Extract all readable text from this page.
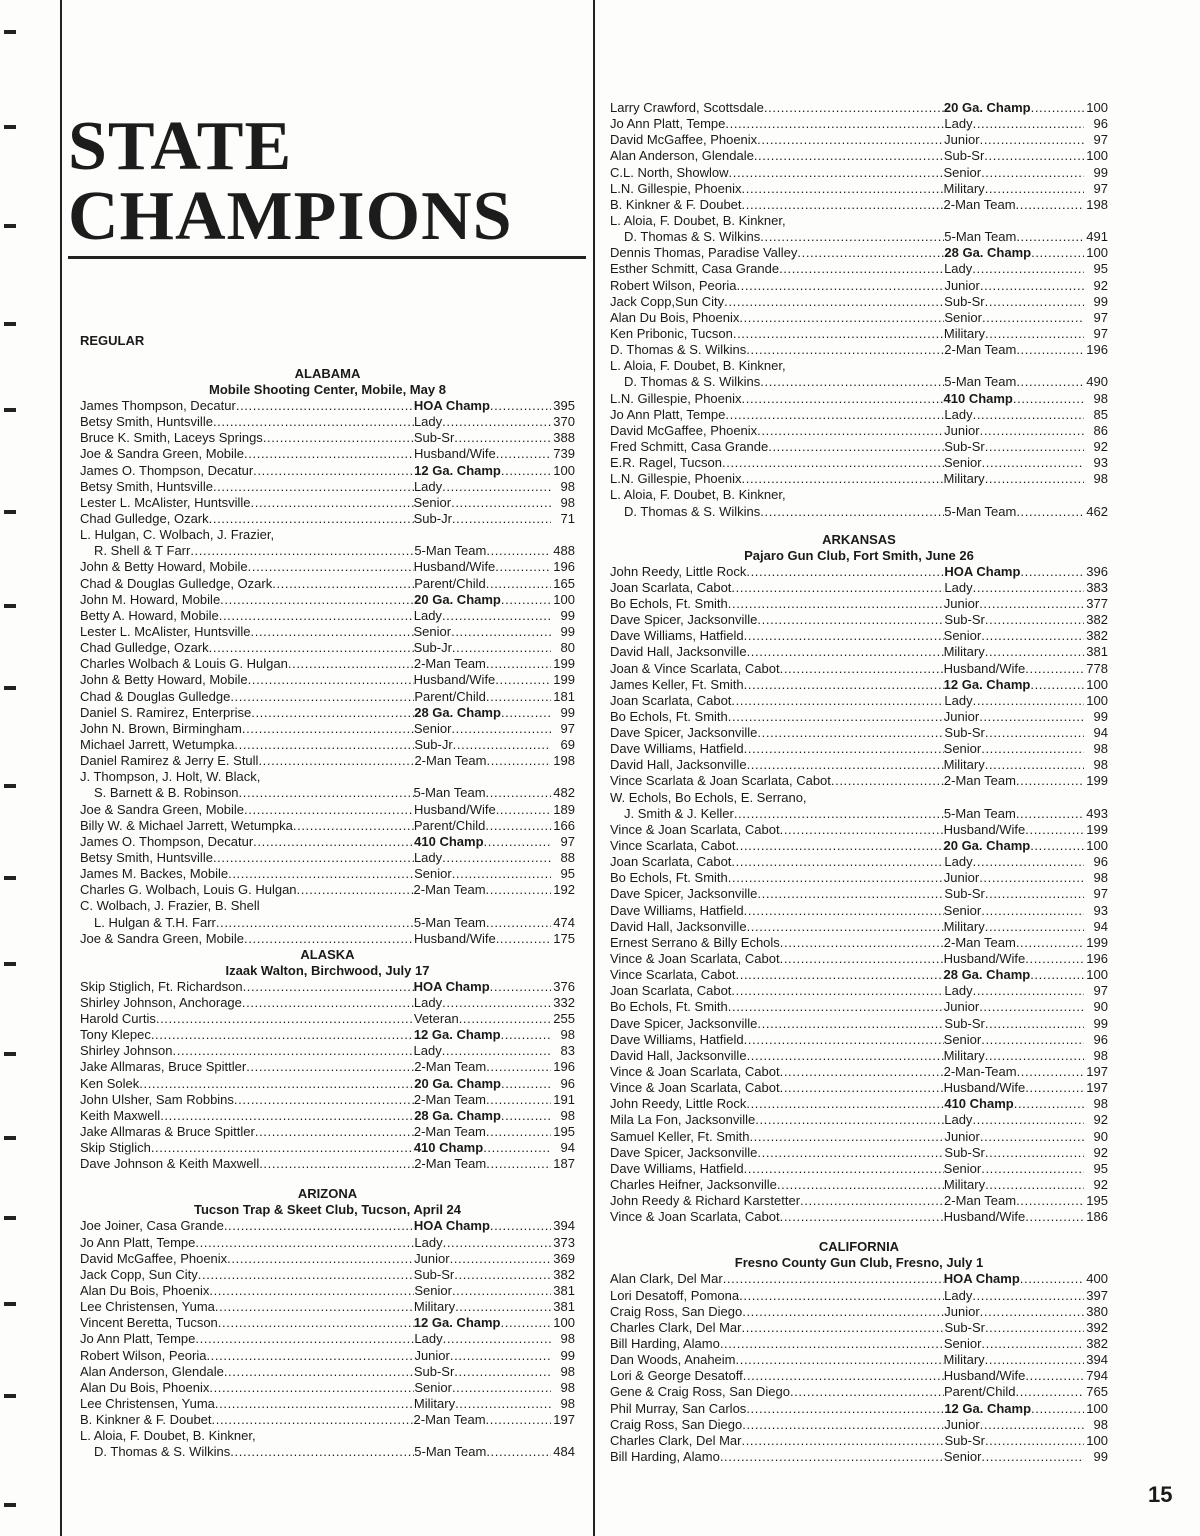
STATE
CHAMPIONS
REGULAR
ALABAMA
Mobile Shooting Center, Mobile, May 8
James Thompson, Decatur . . .	HOA Champ . . .	395
Betsy Smith, Huntsville . . .	Lady . . .	370
Bruce K. Smith, Laceys Springs . . .	Sub-Sr . . .	388
Joe & Sandra Green, Mobile . . .	Husband/Wife . . .	739
James O. Thompson, Decatur . . .	12 Ga. Champ . . .	100
Betsy Smith, Huntsville . . .	Lady . . .	98
Lester L. McAlister, Huntsville . . .	Senior . . .	98
Chad Gulledge, Ozark . . .	Sub-Jr . . .	71
L. Hulgan, C. Wolbach, J. Frazier,
R. Shell & T Farr . . .	5-Man Team . . .	488
John & Betty Howard, Mobile . . .	Husband/Wife . . .	196
Chad & Douglas Gulledge, Ozark . . .	Parent/Child . . .	165
John M. Howard, Mobile . . .	20 Ga. Champ . . .	100
Betty A. Howard, Mobile . . .	Lady . . .	99
Lester L. McAlister, Huntsville . . .	Senior . . .	99
Chad Gulledge, Ozark . . .	Sub-Jr . . .	80
Charles Wolbach & Louis G. Hulgan . . .	2-Man Team . . .	199
John & Betty Howard, Mobile . . .	Husband/Wife . . .	199
Chad & Douglas Gulledge . . .	Parent/Child . . .	181
Daniel S. Ramirez, Enterprise . . .	28 Ga. Champ . . .	99
John N. Brown, Birmingham . . .	Senior . . .	97
Michael Jarrett, Wetumpka . . .	Sub-Jr . . .	69
Daniel Ramirez & Jerry E. Stull . . .	2-Man Team . . .	198
J. Thompson, J. Holt, W. Black,
S. Barnett & B. Robinson . . .	5-Man Team . . .	482
Joe & Sandra Green, Mobile . . .	Husband/Wife . . .	189
Billy W. & Michael Jarrett, Wetumpka . . .	Parent/Child . . .	166
James O. Thompson, Decatur . . .	410 Champ . . .	97
Betsy Smith, Huntsville . . .	Lady . . .	88
James M. Backes, Mobile . . .	Senior . . .	95
Charles G. Wolbach, Louis G. Hulgan . . .	2-Man Team . . .	192
C. Wolbach, J. Frazier, B. Shell
L. Hulgan & T.H. Farr . . .	5-Man Team . . .	474
Joe & Sandra Green, Mobile . . .	Husband/Wife . . .	175
ALASKA
Izaak Walton, Birchwood, July 17
Skip Stiglich, Ft. Richardson . . .	HOA Champ . . .	376
Shirley Johnson, Anchorage . . .	Lady . . .	332
Harold Curtis . . .	Veteran . . .	255
Tony Klepec . . .	12 Ga. Champ . . .	98
Shirley Johnson . . .	Lady . . .	83
Jake Allmaras, Bruce Spittler . . .	2-Man Team . . .	196
Ken Solek . . .	20 Ga. Champ . . .	96
John Ulsher, Sam Robbins . . .	2-Man Team . . .	191
Keith Maxwell . . .	28 Ga. Champ . . .	98
Jake Allmaras & Bruce Spittler . . .	2-Man Team . . .	195
Skip Stiglich . . .	410 Champ . . .	94
Dave Johnson & Keith Maxwell . . .	2-Man Team . . .	187
ARIZONA
Tucson Trap & Skeet Club, Tucson, April 24
Joe Joiner, Casa Grande . . .	HOA Champ . . .	394
Jo Ann Platt, Tempe . . .	Lady . . .	373
David McGaffee, Phoenix . . .	Junior . . .	369
Jack Copp, Sun City . . .	Sub-Sr . . .	382
Alan Du Bois, Phoenix . . .	Senior . . .	381
Lee Christensen, Yuma . . .	Military . . .	381
Vincent Beretta, Tucson . . .	12 Ga. Champ . . .	100
Jo Ann Platt, Tempe . . .	Lady . . .	98
Robert Wilson, Peoria . . .	Junior . . .	99
Alan Anderson, Glendale . . .	Sub-Sr . . .	98
Alan Du Bois, Phoenix . . .	Senior . . .	98
Lee Christensen, Yuma . . .	Military . . .	98
B. Kinkner & F. Doubet . . .	2-Man Team . . .	197
L. Aloia, F. Doubet, B. Kinkner,
D. Thomas & S. Wilkins . . .	5-Man Team . . .	484
Larry Crawford, Scottsdale . . .	20 Ga. Champ . . .	100
Jo Ann Platt, Tempe . . .	Lady . . .	96
David McGaffee, Phoenix . . .	Junior . . .	97
Alan Anderson, Glendale . . .	Sub-Sr . . .	100
C.L. North, Showlow . . .	Senior . . .	99
L.N. Gillespie, Phoenix . . .	Military . . .	97
B. Kinkner & F. Doubet . . .	2-Man Team . . .	198
L. Aloia, F. Doubet, B. Kinkner,
D. Thomas & S. Wilkins . . .	5-Man Team . . .	491
Dennis Thomas, Paradise Valley . . .	28 Ga. Champ . . .	100
Esther Schmitt, Casa Grande . . .	Lady . . .	95
Robert Wilson, Peoria . . .	Junior . . .	92
Jack Copp,Sun City . . .	Sub-Sr . . .	99
Alan Du Bois, Phoenix . . .	Senior . . .	97
Ken Pribonic, Tucson . . .	Military . . .	97
D. Thomas & S. Wilkins . . .	2-Man Team . . .	196
L. Aloia, F. Doubet, B. Kinkner,
D. Thomas & S. Wilkins . . .	5-Man Team . . .	490
L.N. Gillespie, Phoenix . . .	410 Champ . . .	98
Jo Ann Platt, Tempe . . .	Lady . . .	85
David McGaffee, Phoenix . . .	Junior . . .	86
Fred Schmitt, Casa Grande . . .	Sub-Sr . . .	92
E.R. Ragel, Tucson . . .	Senior . . .	93
L.N. Gillespie, Phoenix . . .	Military . . .	98
L. Aloia, F. Doubet, B. Kinkner,
D. Thomas & S. Wilkins . . .	5-Man Team . . .	462
ARKANSAS
Pajaro Gun Club, Fort Smith, June 26
John Reedy, Little Rock . . .	HOA Champ . . .	396
Joan Scarlata, Cabot . . .	Lady . . .	383
Bo Echols, Ft. Smith . . .	Junior . . .	377
Dave Spicer, Jacksonville . . .	Sub-Sr . . .	382
Dave Williams, Hatfield . . .	Senior . . .	382
David Hall, Jacksonville . . .	Military . . .	381
Joan & Vince Scarlata, Cabot . . .	Husband/Wife . . .	778
James Keller, Ft. Smith . . .	12 Ga. Champ . . .	100
Joan Scarlata, Cabot . . .	Lady . . .	100
Bo Echols, Ft. Smith . . .	Junior . . .	99
Dave Spicer, Jacksonville . . .	Sub-Sr . . .	94
Dave Williams, Hatfield . . .	Senior . . .	98
David Hall, Jacksonville . . .	Military . . .	98
Vince Scarlata & Joan Scarlata, Cabot . . .	2-Man Team . . .	199
W. Echols, Bo Echols, E. Serrano,
J. Smith & J. Keller . . .	5-Man Team . . .	493
Vince & Joan Scarlata, Cabot . . .	Husband/Wife . . .	199
Vince Scarlata, Cabot . . .	20 Ga. Champ . . .	100
Joan Scarlata, Cabot . . .	Lady . . .	96
Bo Echols, Ft. Smith . . .	Junior . . .	98
Dave Spicer, Jacksonville . . .	Sub-Sr . . .	97
Dave Williams, Hatfield . . .	Senior . . .	93
David Hall, Jacksonville . . .	Military . . .	94
Ernest Serrano & Billy Echols . . .	2-Man Team . . .	199
Vince & Joan Scarlata, Cabot . . .	Husband/Wife . . .	196
Vince Scarlata, Cabot . . .	28 Ga. Champ . . .	100
Joan Scarlata, Cabot . . .	Lady . . .	97
Bo Echols, Ft. Smith . . .	Junior . . .	90
Dave Spicer, Jacksonville . . .	Sub-Sr . . .	99
Dave Williams, Hatfield . . .	Senior . . .	96
David Hall, Jacksonville . . .	Military . . .	98
Vince & Joan Scarlata, Cabot . . .	2-Man-Team . . .	197
Vince & Joan Scarlata, Cabot . . .	Husband/Wife . . .	197
John Reedy, Little Rock . . .	410 Champ . . .	98
Mila La Fon, Jacksonville . . .	Lady . . .	92
Samuel Keller, Ft. Smith . . .	Junior . . .	90
Dave Spicer, Jacksonville . . .	Sub-Sr . . .	92
Dave Williams, Hatfield . . .	Senior . . .	95
Charles Heifner, Jacksonville . . .	Military . . .	92
John Reedy & Richard Karstetter . . .	2-Man Team . . .	195
Vince & Joan Scarlata, Cabot . . .	Husband/Wife . . .	186
CALIFORNIA
Fresno County Gun Club, Fresno, July 1
Alan Clark, Del Mar . . .	HOA Champ . . .	400
Lori Desatoff, Pomona . . .	Lady . . .	397
Craig Ross, San Diego . . .	Junior . . .	380
Charles Clark, Del Mar . . .	Sub-Sr . . .	392
Bill Harding, Alamo . . .	Senior . . .	382
Dan Woods, Anaheim . . .	Military . . .	394
Lori & George Desatoff . . .	Husband/Wife . . .	794
Gene & Craig Ross, San Diego . . .	Parent/Child . . .	765
Phil Murray, San Carlos . . .	12 Ga. Champ . . .	100
Craig Ross, San Diego . . .	Junior . . .	98
Charles Clark, Del Mar . . .	Sub-Sr . . .	100
Bill Harding, Alamo . . .	Senior . . .	99
15
